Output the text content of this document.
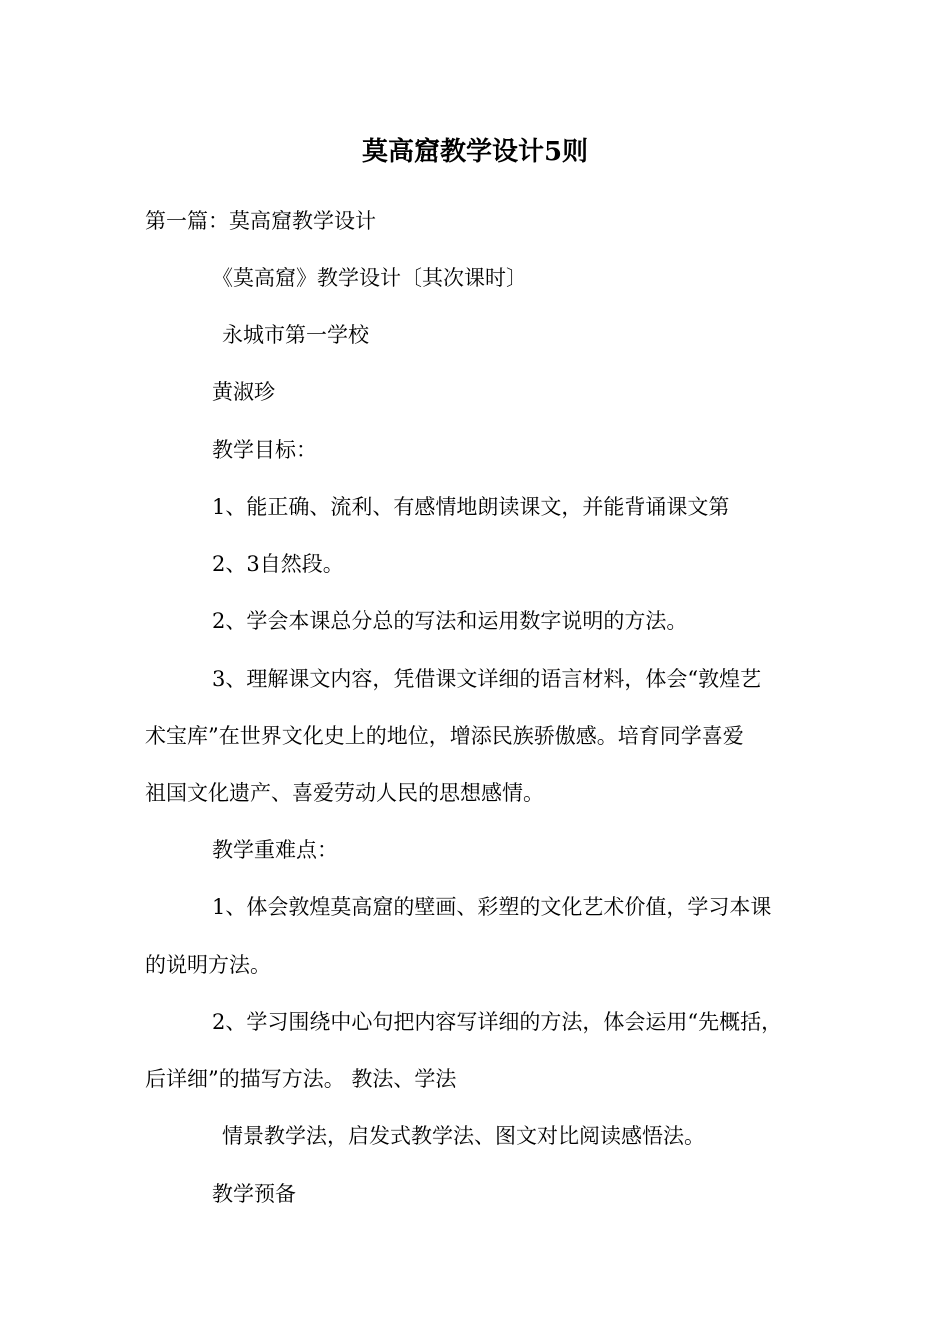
莫高窟教学设计5则
第一篇：莫高窟教学设计
《莫高窟》教学设计〔其次课时〕
永城市第一学校
黄淑珍
教学目标：
1、能正确、流利、有感情地朗读课文，并能背诵课文第
2、3自然段。
2、学会本课总分总的写法和运用数字说明的方法。
3、理解课文内容，凭借课文详细的语言材料，体会“敦煌艺
术宝库”在世界文化史上的地位，增添民族骄傲感。培育同学喜爱
祖国文化遗产、喜爱劳动人民的思想感情。
教学重难点：
1、体会敦煌莫高窟的壁画、彩塑的文化艺术价值，学习本课
的说明方法。
2、学习围绕中心句把内容写详细的方法，体会运用“先概括，
后详细”的描写方法。 教法、学法
情景教学法，启发式教学法、图文对比阅读感悟法。
教学预备
